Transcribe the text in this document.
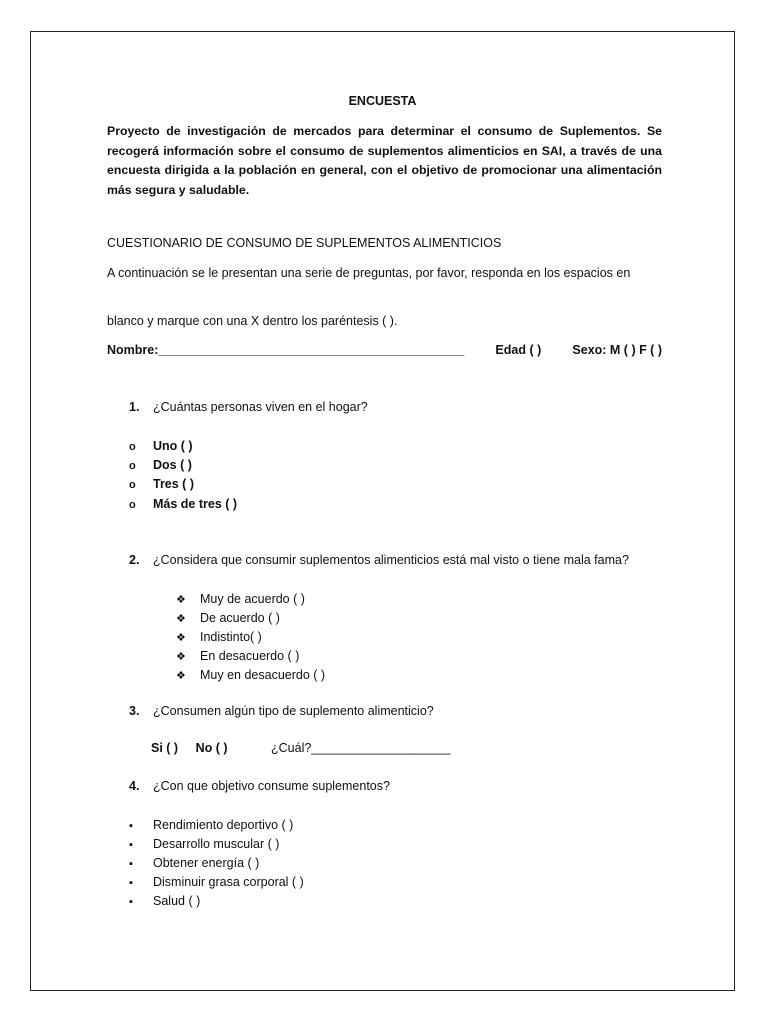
ENCUESTA
Proyecto de investigación de mercados para determinar el consumo de Suplementos. Se recogerá información sobre el consumo de suplementos alimenticios en SAI, a través de una encuesta dirigida a la población en general, con el objetivo de promocionar una alimentación más segura y saludable.
CUESTIONARIO DE CONSUMO DE SUPLEMENTOS ALIMENTICIOS
A continuación se le presentan una serie de preguntas, por favor, responda en los espacios en
blanco y marque con una X dentro los paréntesis ( ).
Nombre:____________________________________________ Edad ( ) Sexo: M ( ) F ( )
1. ¿Cuántas personas viven en el hogar?
o Uno ( )
o Dos ( )
o Tres ( )
o Más de tres ( )
2. ¿Considera que consumir suplementos alimenticios está mal visto o tiene mala fama?
❖ Muy de acuerdo ( )
❖ De acuerdo ( )
❖ Indistinto( )
❖ En desacuerdo ( )
❖ Muy en desacuerdo ( )
3. ¿Consumen algún tipo de suplemento alimenticio?
Si ( ) No ( )	¿Cuál?____________________
4. ¿Con que objetivo consume suplementos?
▪ Rendimiento deportivo ( )
▪ Desarrollo muscular ( )
▪ Obtener energía ( )
▪ Disminuir grasa corporal ( )
▪ Salud ( )
